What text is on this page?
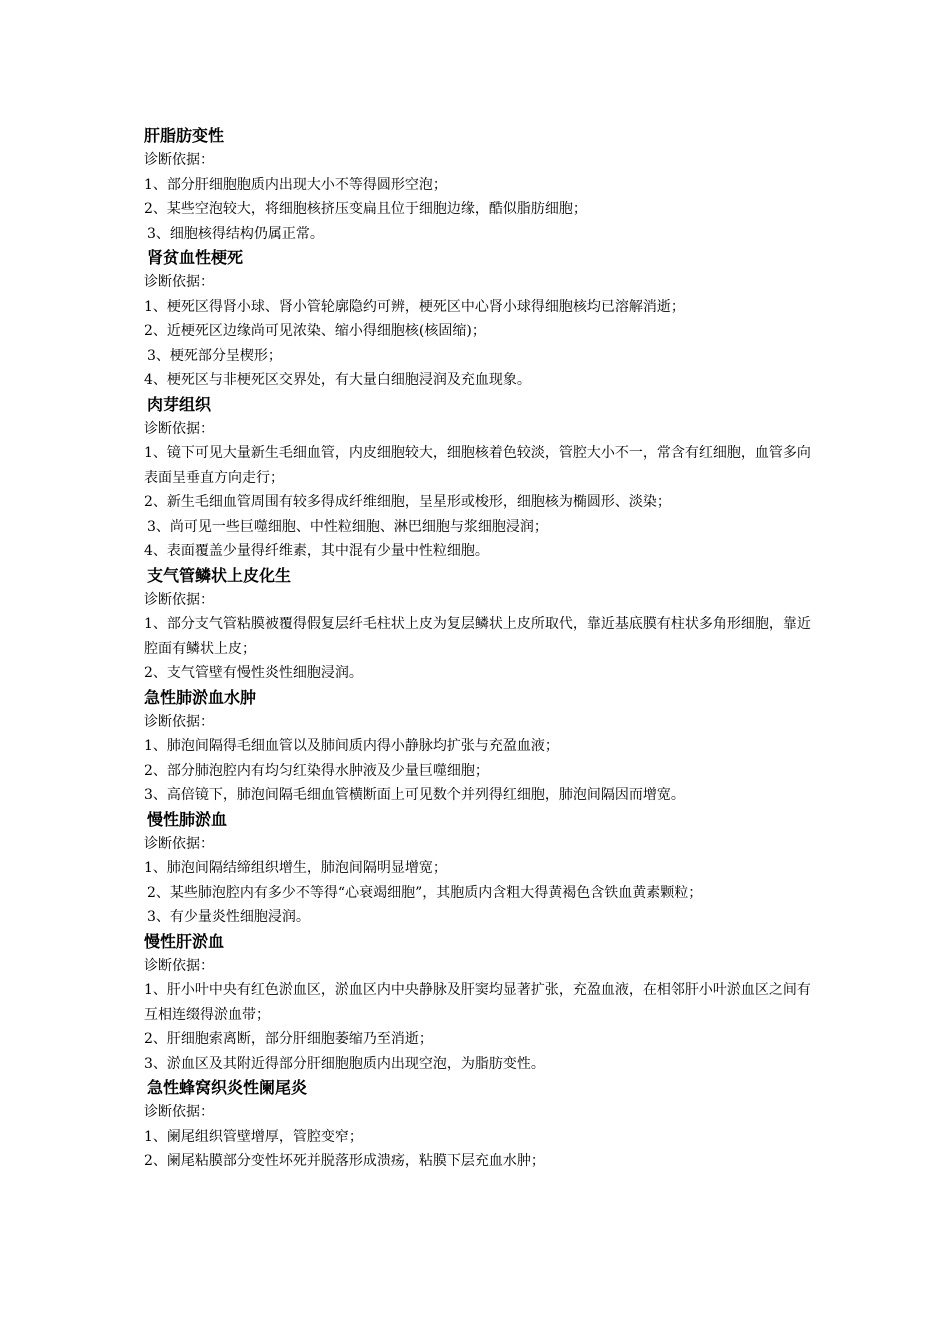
肝脂肪变性

诊断依据：

1、部分肝细胞胞质内出现大小不等得圆形空泡；

2、某些空泡较大，将细胞核挤压变扁且位于细胞边缘，酷似脂肪细胞；

3、细胞核得结构仍属正常。

肾贫血性梗死

诊断依据：

1、梗死区得肾小球、肾小管轮廓隐约可辨，梗死区中心肾小球得细胞核均已溶解消逝；

2、近梗死区边缘尚可见浓染、缩小得细胞核(核固缩)；

3、梗死部分呈楔形；

4、梗死区与非梗死区交界处，有大量白细胞浸润及充血现象。

肉芽组织

诊断依据：

1、镜下可见大量新生毛细血管，内皮细胞较大，细胞核着色较淡，管腔大小不一，常含有红细胞，血管多向表面呈垂直方向走行；

2、新生毛细血管周围有较多得成纤维细胞，呈星形或梭形，细胞核为椭圆形、淡染；

3、尚可见一些巨噬细胞、中性粒细胞、淋巴细胞与浆细胞浸润；

4、表面覆盖少量得纤维素，其中混有少量中性粒细胞。

支气管鳞状上皮化生

诊断依据：

1、部分支气管粘膜被覆得假复层纤毛柱状上皮为复层鳞状上皮所取代，靠近基底膜有柱状多角形细胞，靠近腔面有鳞状上皮；

2、支气管壁有慢性炎性细胞浸润。

急性肺淤血水肿

诊断依据：

1、肺泡间隔得毛细血管以及肺间质内得小静脉均扩张与充盈血液；

2、部分肺泡腔内有均匀红染得水肿液及少量巨噬细胞；

3、高倍镜下，肺泡间隔毛细血管横断面上可见数个并列得红细胞，肺泡间隔因而增宽。

慢性肺淤血

诊断依据：

1、肺泡间隔结缔组织增生，肺泡间隔明显增宽；

2、某些肺泡腔内有多少不等得“心衰竭细胞”，其胞质内含粗大得黄褐色含铁血黄素颗粒；

3、有少量炎性细胞浸润。

慢性肝淤血

诊断依据：

1、肝小叶中央有红色淤血区，淤血区内中央静脉及肝窦均显著扩张，充盈血液，在相邻肝小叶淤血区之间有互相连缀得淤血带；

2、肝细胞索离断，部分肝细胞萎缩乃至消逝；

3、淤血区及其附近得部分肝细胞胞质内出现空泡，为脂肪变性。

急性蜂窝织炎性阑尾炎

诊断依据：

1、阑尾组织管壁增厚，管腔变窄；

2、阑尾粘膜部分变性坏死并脱落形成溃疡，粘膜下层充血水肿；
